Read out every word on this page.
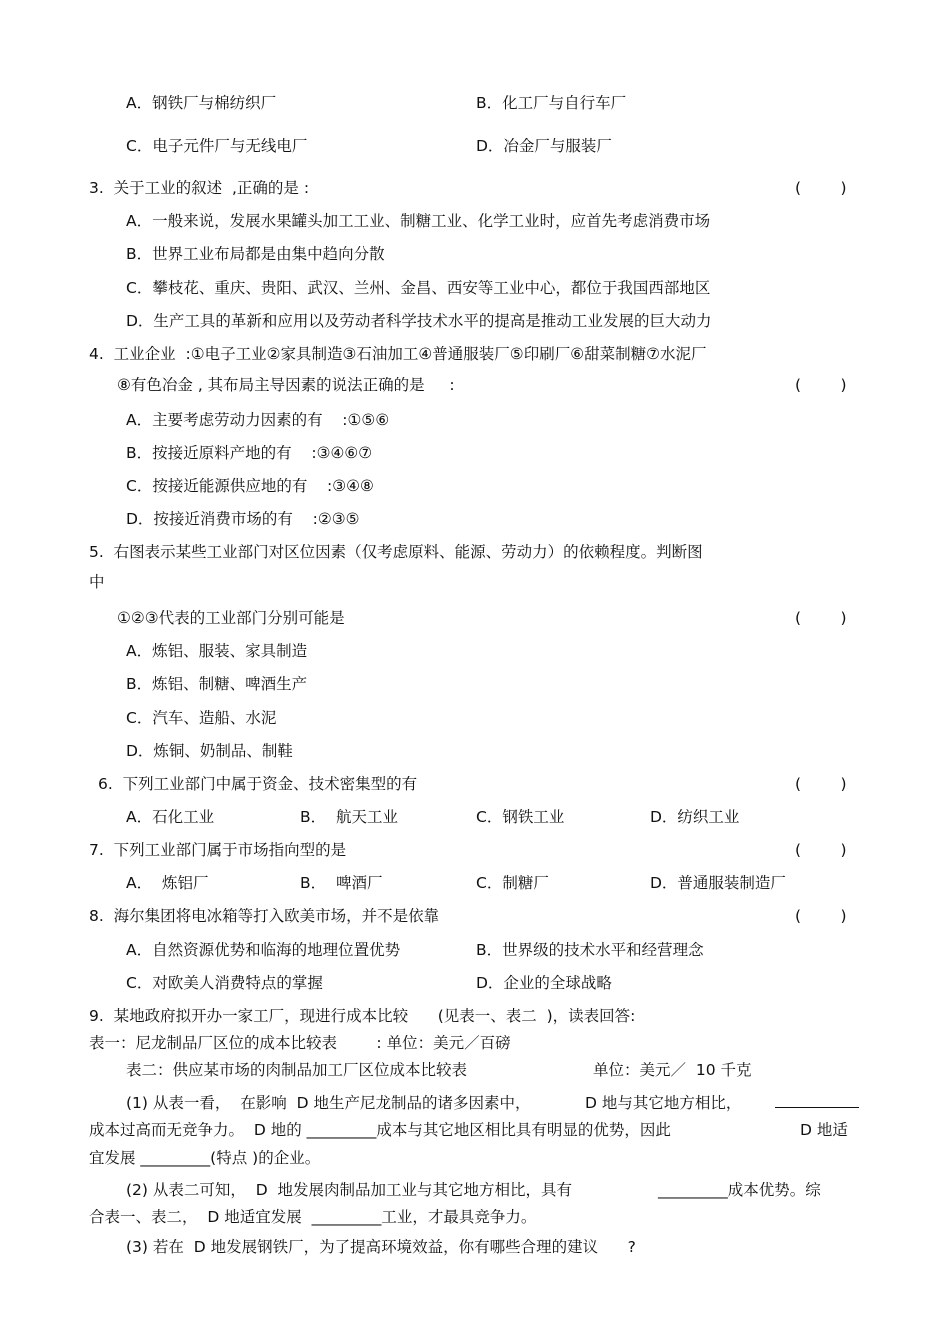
A．钢铁厂与棉纺织厂	B．化工厂与自行车厂
C．电子元件厂与无线电厂	D．冶金厂与服装厂
3.  关于工业的叙述  ,正确的是 :	(        )
A．一般来说，发展水果罐头加工工业、制糖工业、化学工业时，应首先考虑消费市场
B．世界工业布局都是由集中趋向分散
C．攀枝花、重庆、贵阳、武汉、兰州、金昌、西安等工业中心，都位于我国西部地区
D．生产工具的革新和应用以及劳动者科学技术水平的提高是推动工业发展的巨大动力
4.  工业企业  :①电子工业②家具制造③石油加工④普通服装厂⑤印刷厂⑥甜菜制糖⑦水泥厂
⑧有色冶金 , 其布局主导因素的说法正确的是     :	(        )
A．主要考虑劳动力因素的有    :①⑤⑥
B．按接近原料产地的有    :③④⑥⑦
C．按接近能源供应地的有    :③④⑧
D．按接近消费市场的有    :②③⑤
5.  右图表示某些工业部门对区位因素（仅考虑原料、能源、劳动力）的依赖程度。判断图
中
①②③代表的工业部门分别可能是	(        )
A．炼铝、服装、家具制造
B．炼铝、制糖、啤酒生产
C．汽车、造船、水泥
D．炼铜、奶制品、制鞋
6.  下列工业部门中属于资金、技术密集型的有	(        )
A．石化工业	B．  航天工业	C．钢铁工业	D．纺织工业
7.  下列工业部门属于市场指向型的是	(        )
A．  炼铝厂	B．  啤酒厂	C．制糖厂	D．普通服装制造厂
8.  海尔集团将电冰箱等打入欧美市场，并不是依靠	(        )
A．自然资源优势和临海的地理位置优势	B．世界级的技术水平和经营理念
C．对欧美人消费特点的掌握	D．企业的全球战略
9.  某地政府拟开办一家工厂，现进行成本比较      (见表一、表二  )，读表回答:
表一：尼龙制品厂区位的成本比较表        : 单位：美元／百磅
表二：供应某市场的肉制品加工厂区位成本比较表	单位：美元／  10 千克
(1) 从表一看，  在影响  D 地生产尼龙制品的诸多因素中，	D 地与其它地方相比，
成本过高而无竞争力。  D 地的 _________成本与其它地区相比具有明显的优势，因此	D 地适
宜发展 _________(特点 )的企业。
(2) 从表二可知，  D  地发展肉制品加工业与其它地方相比，具有	_________成本优势。综
合表一、表二，  D 地适宜发展  _________工业，才最具竞争力。
(3) 若在  D 地发展钢铁厂，为了提高环境效益，你有哪些合理的建议      ?
